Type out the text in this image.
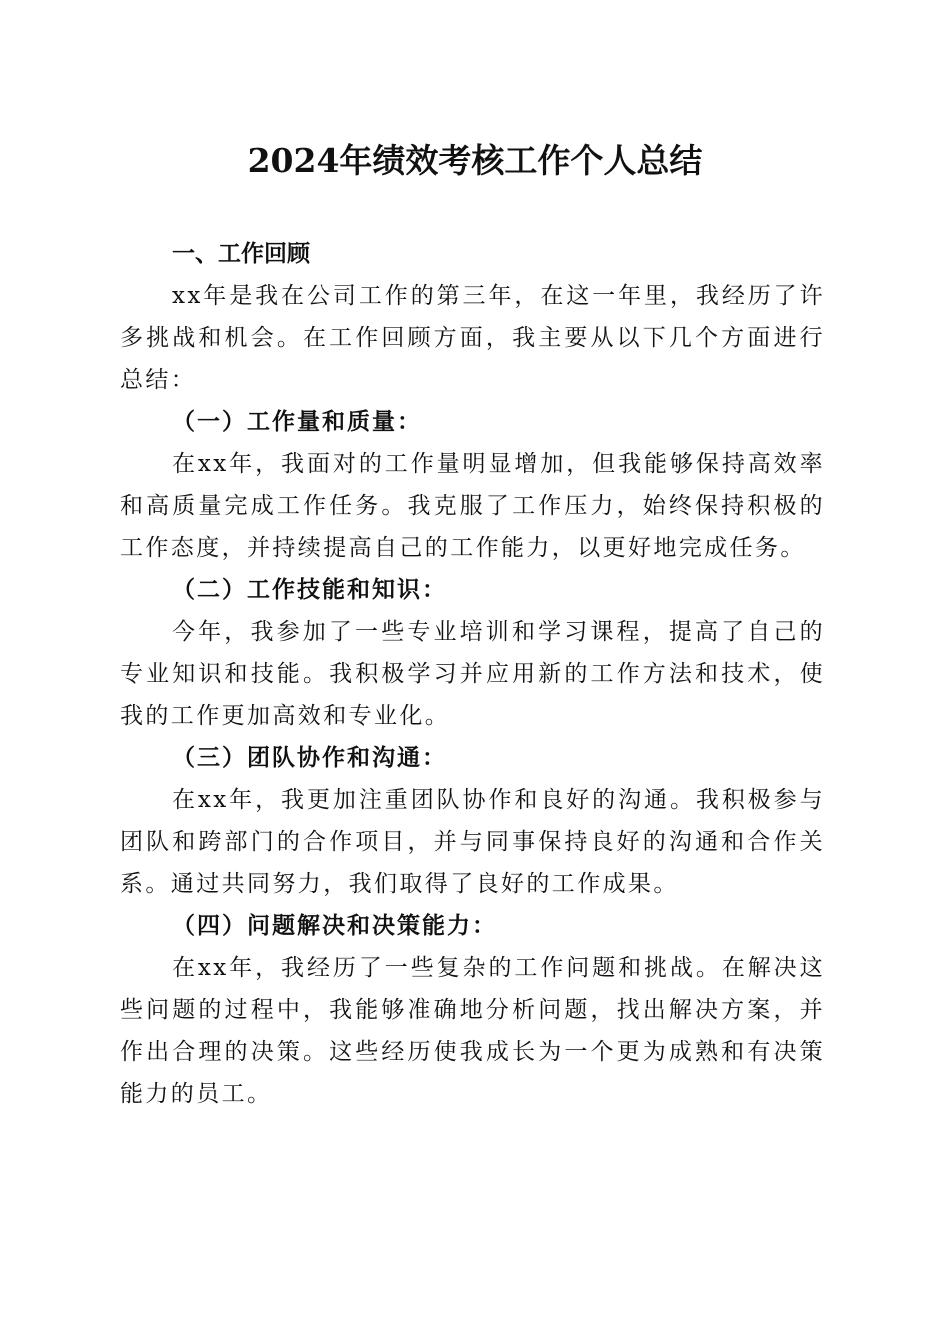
2024年绩效考核工作个人总结

一、工作回顾

xx年是我在公司工作的第三年，在这一年里，我经历了许多挑战和机会。在工作回顾方面，我主要从以下几个方面进行总结：

（一）工作量和质量：

在xx年，我面对的工作量明显增加，但我能够保持高效率和高质量完成工作任务。我克服了工作压力，始终保持积极的工作态度，并持续提高自己的工作能力，以更好地完成任务。

（二）工作技能和知识：

今年，我参加了一些专业培训和学习课程，提高了自己的专业知识和技能。我积极学习并应用新的工作方法和技术，使我的工作更加高效和专业化。

（三）团队协作和沟通：

在xx年，我更加注重团队协作和良好的沟通。我积极参与团队和跨部门的合作项目，并与同事保持良好的沟通和合作关系。通过共同努力，我们取得了良好的工作成果。

（四）问题解决和决策能力：

在xx年，我经历了一些复杂的工作问题和挑战。在解决这些问题的过程中，我能够准确地分析问题，找出解决方案，并作出合理的决策。这些经历使我成长为一个更为成熟和有决策能力的员工。
